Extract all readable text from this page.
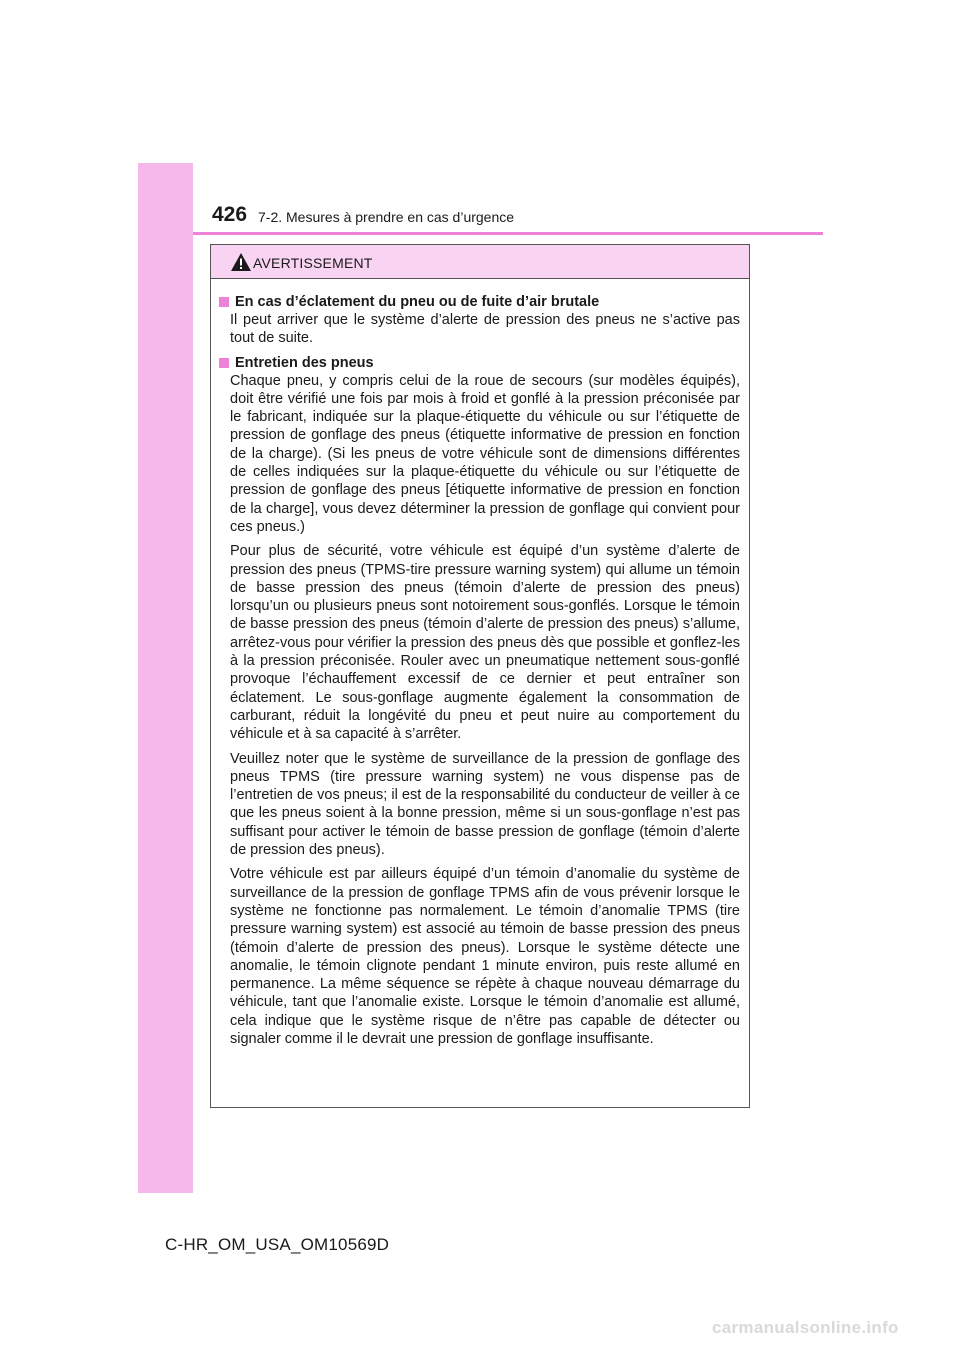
426 7-2. Mesures à prendre en cas d’urgence
AVERTISSEMENT
En cas d’éclatement du pneu ou de fuite d’air brutale

Il peut arriver que le système d’alerte de pression des pneus ne s’active pas tout de suite.

Entretien des pneus

Chaque pneu, y compris celui de la roue de secours (sur modèles équipés), doit être vérifié une fois par mois à froid et gonflé à la pression préconisée par le fabricant, indiquée sur la plaque-étiquette du véhicule ou sur l’étiquette de pression de gonflage des pneus (étiquette informative de pression en fonction de la charge). (Si les pneus de votre véhicule sont de dimensions différentes de celles indiquées sur la plaque-étiquette du véhicule ou sur l’étiquette de pression de gonflage des pneus [étiquette informative de pression en fonction de la charge], vous devez déterminer la pression de gonflage qui convient pour ces pneus.)

Pour plus de sécurité, votre véhicule est équipé d’un système d’alerte de pression des pneus (TPMS-tire pressure warning system) qui allume un témoin de basse pression des pneus (témoin d’alerte de pression des pneus) lorsqu’un ou plusieurs pneus sont notoirement sous-gonflés. Lorsque le témoin de basse pression des pneus (témoin d’alerte de pression des pneus) s’allume, arrêtez-vous pour vérifier la pression des pneus dès que possible et gonflez-les à la pression préconisée. Rouler avec un pneumatique nettement sous-gonflé provoque l’échauffement excessif de ce dernier et peut entraîner son éclatement. Le sous-gonflage augmente également la consommation de carburant, réduit la longévité du pneu et peut nuire au comportement du véhicule et à sa capacité à s’arrêter.

Veuillez noter que le système de surveillance de la pression de gonflage des pneus TPMS (tire pressure warning system) ne vous dispense pas de l’entretien de vos pneus; il est de la responsabilité du conducteur de veiller à ce que les pneus soient à la bonne pression, même si un sous-gonflage n’est pas suffisant pour activer le témoin de basse pression de gonflage (témoin d’alerte de pression des pneus).

Votre véhicule est par ailleurs équipé d’un témoin d’anomalie du système de surveillance de la pression de gonflage TPMS afin de vous prévenir lorsque le système ne fonctionne pas normalement. Le témoin d’anomalie TPMS (tire pressure warning system) est associé au témoin de basse pression des pneus (témoin d’alerte de pression des pneus). Lorsque le système détecte une anomalie, le témoin clignote pendant 1 minute environ, puis reste allumé en permanence. La même séquence se répète à chaque nouveau démarrage du véhicule, tant que l’anomalie existe. Lorsque le témoin d’anomalie est allumé, cela indique que le système risque de n’être pas capable de détecter ou signaler comme il le devrait une pression de gonflage insuffisante.

C-HR_OM_USA_OM10569D
carmanualsonline.info
